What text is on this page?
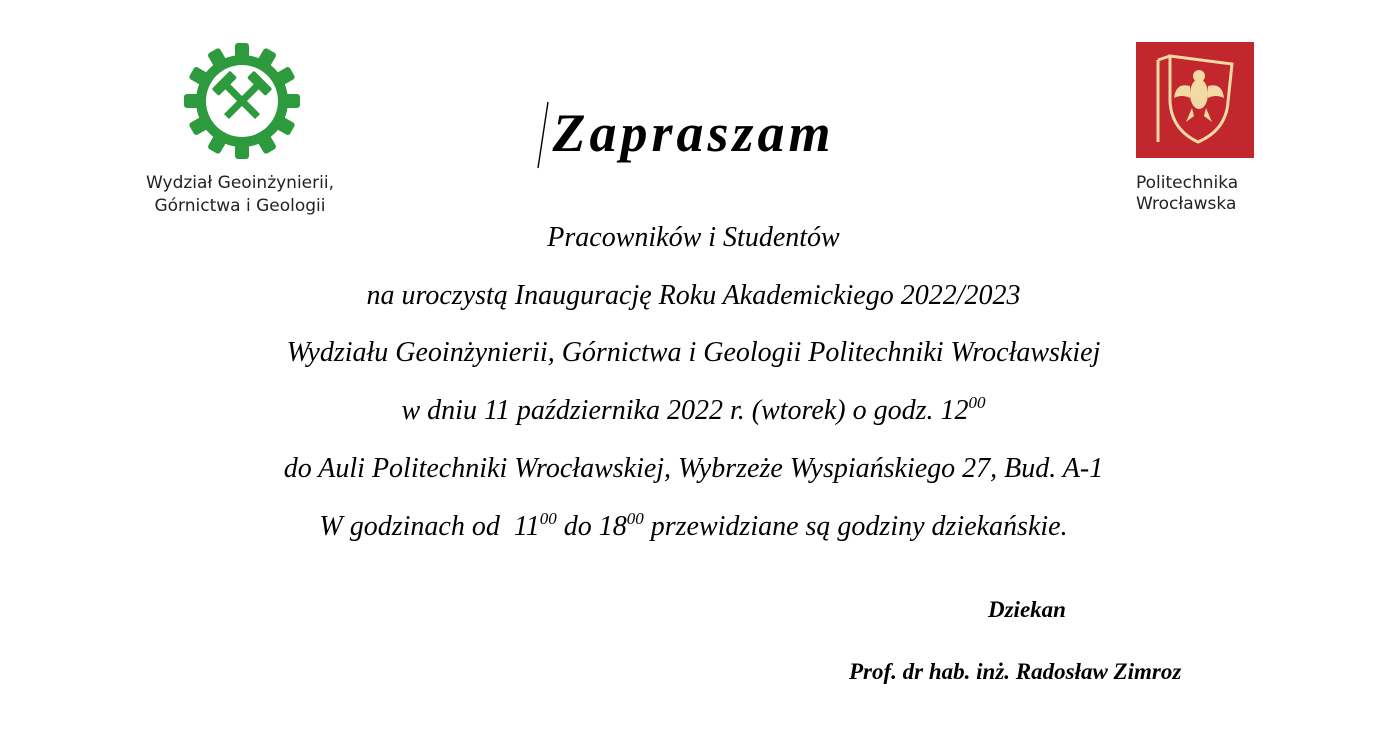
Wydział Geoinżynierii,
Górnictwa i Geologii
Politechnika
Wrocławska
Zapraszam
Pracowników i Studentów
na uroczystą Inaugurację Roku Akademickiego 2022/2023
Wydziału Geoinżynierii, Górnictwa i Geologii Politechniki Wrocławskiej
w dniu 11 października 2022 r. (wtorek) o godz. $12^{00}$
do Auli Politechniki Wrocławskiej, Wybrzeże Wyspiańskiego 27, Bud. A-1
W godzinach od  $11^{00}$ do $18^{00}$ przewidziane są godziny dziekańskie.
Dziekan
Prof. dr hab. inż. Radosław Zimroz
